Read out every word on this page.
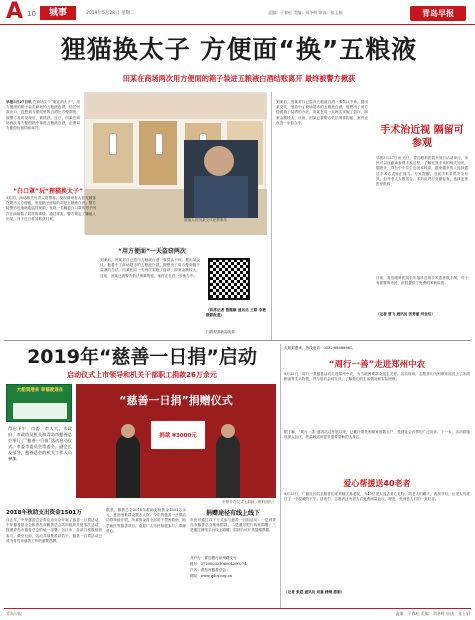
A 10	城事	2019年5月28日 星期二	责编：于春松 美编：刘冬辉 审读：张玉娟	青岛早报
狸猫换太子 方便面“换”五粮液
田某在商场两次用方便面的箱子装进五粮液白酒结账离开 最终被警方揪获
早报5月27日讯 在商场买个“便宜酒太子”，用方便面的箱子装走商场的五粮液白酒，结过付款出口，没想到方便面里的白酒比方便面贵。被警方及时发现后，被抓获。近日，田某在商场两次将方便面箱中塞进五粮液白酒，企图以方便面价格结账离开。
被捕人员田某交代犯罪事实
“白口罩”玩“狸猫换太子”
5月初，商场相关负责人报警称，发现商场有人冒充顾客在超市买方便面，但是箱子里装的却是五粮液白酒。警方接警后迅速调取监控视频，发现一名戴着白口罩的男子两次在商场做了同样的事情。通过排查，警方锁定了嫌疑人田某，并于近日将其抓获归案。
“用方便面”一天盗窃两次
到案后，田某对自己盗窃五粮液白酒一事供认不讳。据田某交代，他看中了商场超市的五粮液白酒，便想出了用方便面箱子装酒的办法。田某在同一天两次实施了盗窃，涉案金额较大。目前，田某已被警方依法刑事拘留，案件正在进一步侦办中。
（首席记者 鲁继颖 通讯员 王皓 李艳 摄影报道）
扫码观看新闻视频
到案后，田某对自己盗窃五粮液白酒一事供认不讳。据田某交代，他看中了商场超市的五粮液白酒，便想出了用方便面箱子装酒的办法。田某在同一天两次实施了盗窃，涉案金额较大。目前，田某已被警方依法刑事拘留，案件正在进一步侦办中。
手术治近视 隔留可参观
早报5月27日讯 近日，青岛眼科医院开放日活动举行，市民可以近距离参观手术过程，了解近视手术的相关知识。据统计，青岛中小学生近视率较高，越来越多的人选择通过手术方式矫正视力。专家提醒，近视手术虽然安全有效，但并非人人都适合，术前应进行全面检查，选择正规医疗机构。
目前，青岛眼科医院全年接诊近视手术患者数千例，对于有需要的市民，医院提供了免费的术前检查。
（记者 曹飞 通讯员 张秀丽 刘金佳）
2019年“慈善一日捐”启动
启动仪式上市领导和机关干部职工捐款26万余元
大船到港来 幸福驶进在
“慈善一日捐”捐赠仪式
捐款 ¥3000元
市领导在仪式上捐款（资料照片）
得启下午，市委、市人大、市政府、市政协及机关和青岛市慈善总会举行了“慈善一日捐”活动启动仪式。市委市委员会常委会，副会长及部分，慈善总会的机关工作人员参加。
2018年秋助支出资金1501万
自去年，中华慈善总会青岛市分会开展了慈善一日捐活动，中华慈善基金会和青岛市慈善总会共同组织开展本次活动，按照青岛市慈善总会的统一部署，各区市、各部门积极组织参与。截至目前，活动共募集善款若干，慈善一日捐活动已成为青岛市慈善工作的重要品牌。
据悉，慈善总会2018年救助支出资金1501万余元，惠及困难群众数万人次。今年的慈善一日捐活动将持续开展，所募资金将全部用于帮困救助、助学助医等慈善项目。欢迎广大市民积极参与，奉献爱心。
捐赠途径有线上线下
市民可通过以下方式参与慈善一日捐活动：一是到青岛市慈善总会现场捐款；二是通过银行转账捐赠；三是通过网络平台线上捐赠。捐款后可开具捐赠票据。
开户行：青岛银行泉州路支行
账号：37200032106004200274
户名：青岛市慈善总会
网站：www.qdcs.org.cn
大船到港来，热线电话：0532-68688861。
“周行一善”走进郑州中农
5月22日，周行一善慈善活动走进郑州中农，为当地困难群众送去关爱。活动现场，志愿者们为困难家庭送上了米面粮油等生活物资，并与他们亲切交谈，了解他们的生活情况和实际困难。
据了解，“周行一善”慈善活动开展以来，已累计帮扶困难家庭数百户，受到社会各界的广泛好评。下一步，活动将继续深入社区，把温暖送到更多需要帮助的人身边。
爱心帮援送40老者
5月19日，广德社区的志愿者们来到辖区养老院，为40位老人送去爱心礼物，陪老人们聊天、表演节目，让老人们度过了一个温暖的下午。活动中，志愿者还为老人们免费测量血压、理发，受到老人们的一致好评。
（记者 张爱 通讯员 刘嘉 楼靖 慧娟）
青岛早报	责编：于春松 美编：刘冬辉 审读：张玉娟
